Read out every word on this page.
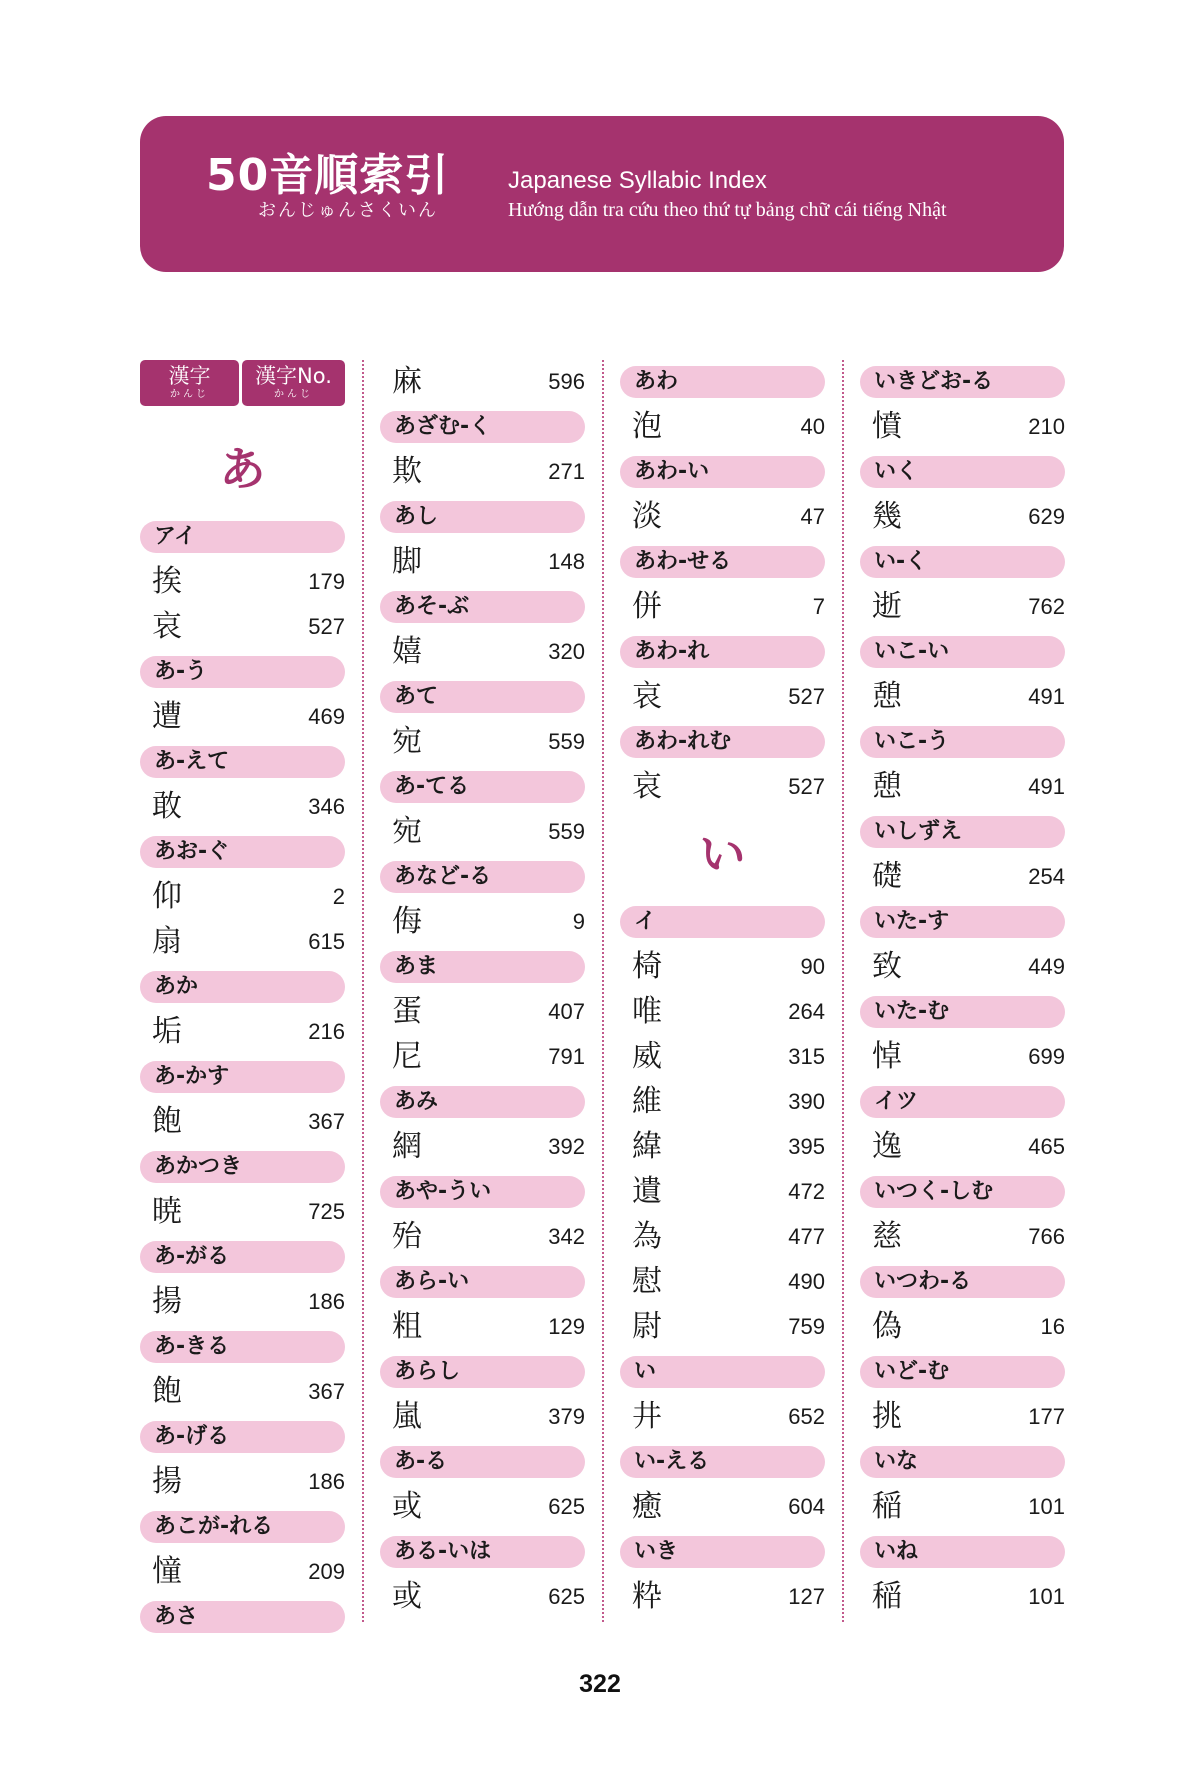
50音順索引
おんじゅんさくいん
Japanese Syllabic Index
Hướng dẫn tra cứu theo thứ tự bảng chữ cái tiếng Nhật
漢字
かんじ
漢字No.
かんじ
あ
アイ
挨	179
哀	527
あ-う
遭	469
あ-えて
敢	346
あお-ぐ
仰	2
扇	615
あか
垢	216
あ-かす
飽	367
あかつき
暁	725
あ-がる
揚	186
あ-きる
飽	367
あ-げる
揚	186
あこが-れる
憧	209
あさ
麻	596
あざむ-く
欺	271
あし
脚	148
あそ-ぶ
嬉	320
あて
宛	559
あ-てる
宛	559
あなど-る
侮	9
あま
蛋	407
尼	791
あみ
網	392
あや-うい
殆	342
あら-い
粗	129
あらし
嵐	379
あ-る
或	625
ある-いは
或	625
あわ
泡	40
あわ-い
淡	47
あわ-せる
併	7
あわ-れ
哀	527
あわ-れむ
哀	527
い
イ
椅	90
唯	264
威	315
維	390
緯	395
遺	472
為	477
慰	490
尉	759
い
井	652
い-える
癒	604
いき
粋	127
いきどお-る
憤	210
いく
幾	629
い-く
逝	762
いこ-い
憩	491
いこ-う
憩	491
いしずえ
礎	254
いた-す
致	449
いた-む
悼	699
イツ
逸	465
いつく-しむ
慈	766
いつわ-る
偽	16
いど-む
挑	177
いな
稲	101
いね
稲	101
322
